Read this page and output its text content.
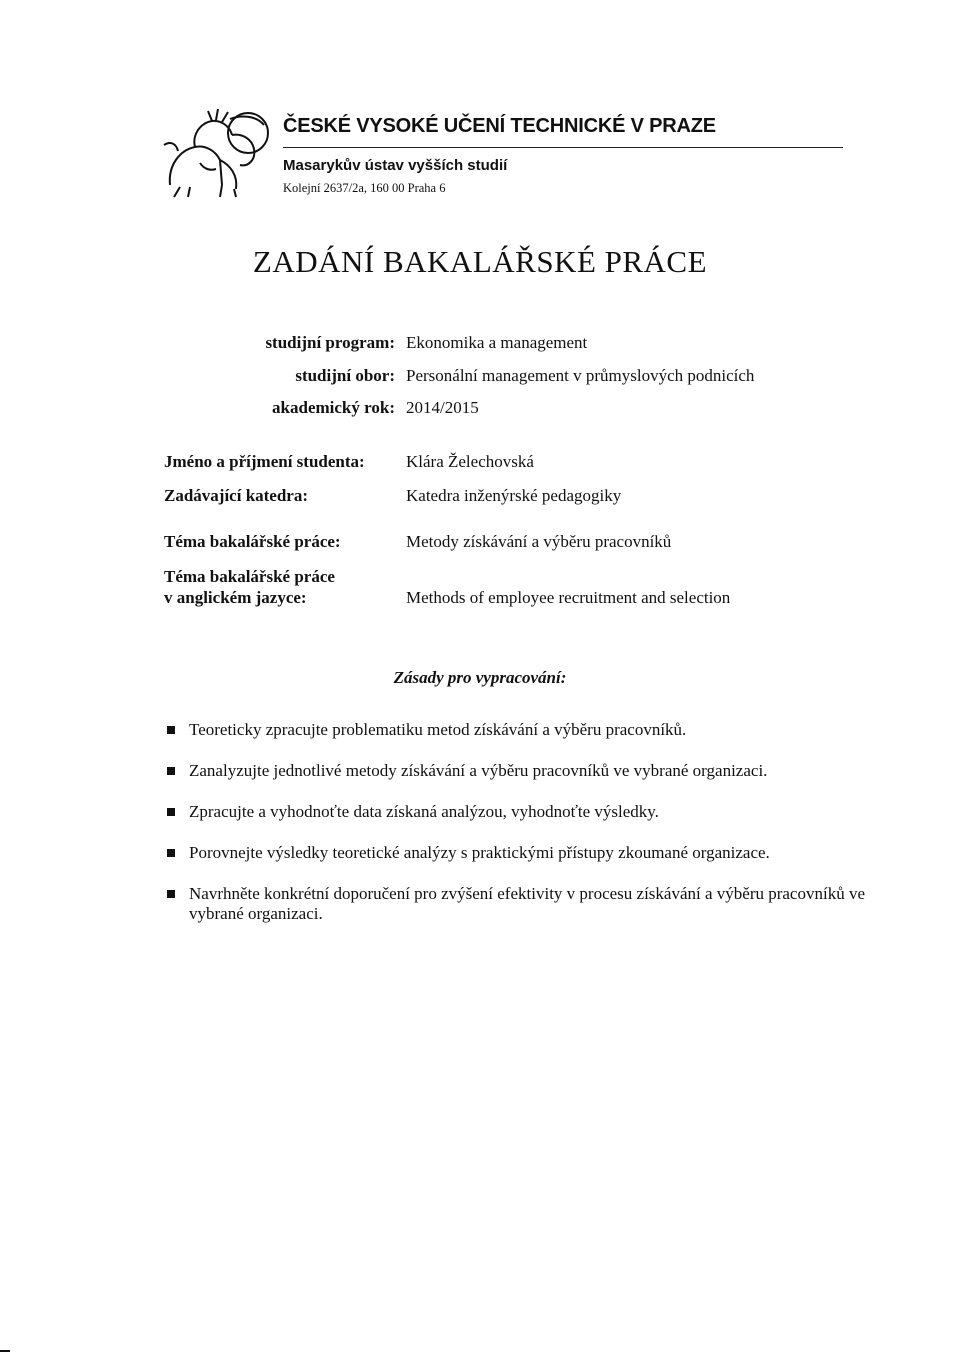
ČESKÉ VYSOKÉ UČENÍ TECHNICKÉ V PRAZE
Masarykův ústav vyšších studií
Kolejní 2637/2a, 160 00 Praha 6
ZADÁNÍ BAKALÁŘSKÉ PRÁCE
studijní program: Ekonomika a management
studijní obor: Personální management v průmyslových podnicích
akademický rok: 2014/2015
Jméno a příjmení studenta: Klára Želechovská
Zadávající katedra:	Katedra inženýrské pedagogiky
Téma bakalářské práce:	Metody získávání a výběru pracovníků
Téma bakalářské práce
v anglickém jazyce:	Methods of employee recruitment and selection
Zásady pro vypracování:
Teoreticky zpracujte problematiku metod získávání a výběru pracovníků.
Zanalyzujte jednotlivé metody získávání a výběru pracovníků ve vybrané organizaci.
Zpracujte a vyhodnoťte data získaná analýzou, vyhodnoťte výsledky.
Porovnejte výsledky teoretické analýzy s praktickými přístupy zkoumané organizace.
Navrhněte konkrétní doporučení pro zvýšení efektivity v procesu získávání a výběru pracovníků ve vybrané organizaci.
